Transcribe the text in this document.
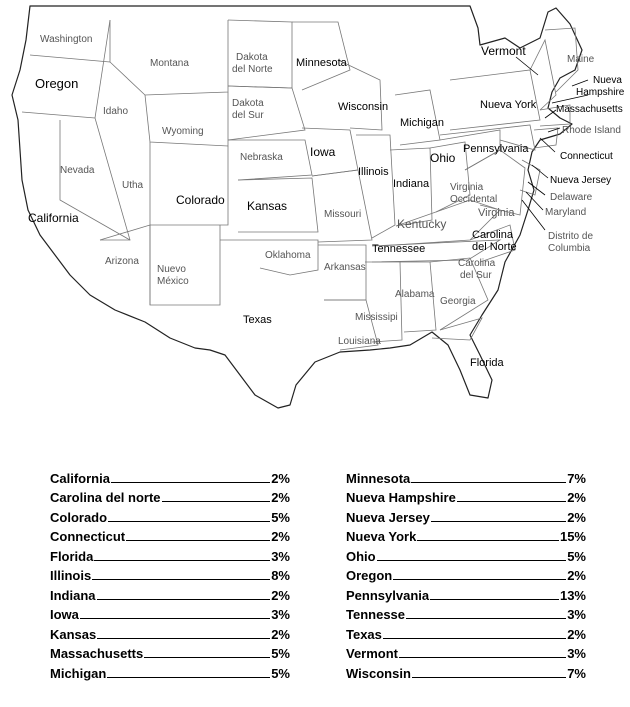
Washington
Oregon
California
Idaho
Nevada
Montana
Wyoming
Utha
Arizona
Colorado
Nuevo
México
Dakota
del Norte
Dakota
del Sur
Nebraska
Kansas
Oklahoma
Texas
Minnesota
Iowa
Missouri
Arkansas
Louisiana
Wisconsin
Illinois
Michigan
Indiana
Ohio
Kentucky
Tennessee
Mississipi
Alabama
Georgia
Florida
Carolina
del Sur
Carolina
del Norte
Virginia
Virginia
Occidental
Pennsylvania
Nueva York
Vermont
Maine
Nueva
Hampshire
Massachusetts
Rhode Island
Connecticut
Nueva Jersey
Delaware
Maryland
Distrito de
Columbia
California	2%
Carolina del norte	2%
Colorado	5%
Connecticut	2%
Florida	3%
Illinois	8%
Indiana	2%
Iowa	3%
Kansas	2%
Massachusetts	5%
Michigan	5%
Minnesota	7%
Nueva Hampshire	2%
Nueva Jersey	2%
Nueva York	15%
Ohio	5%
Oregon	2%
Pennsylvania	13%
Tennesse	3%
Texas	2%
Vermont	3%
Wisconsin	7%
